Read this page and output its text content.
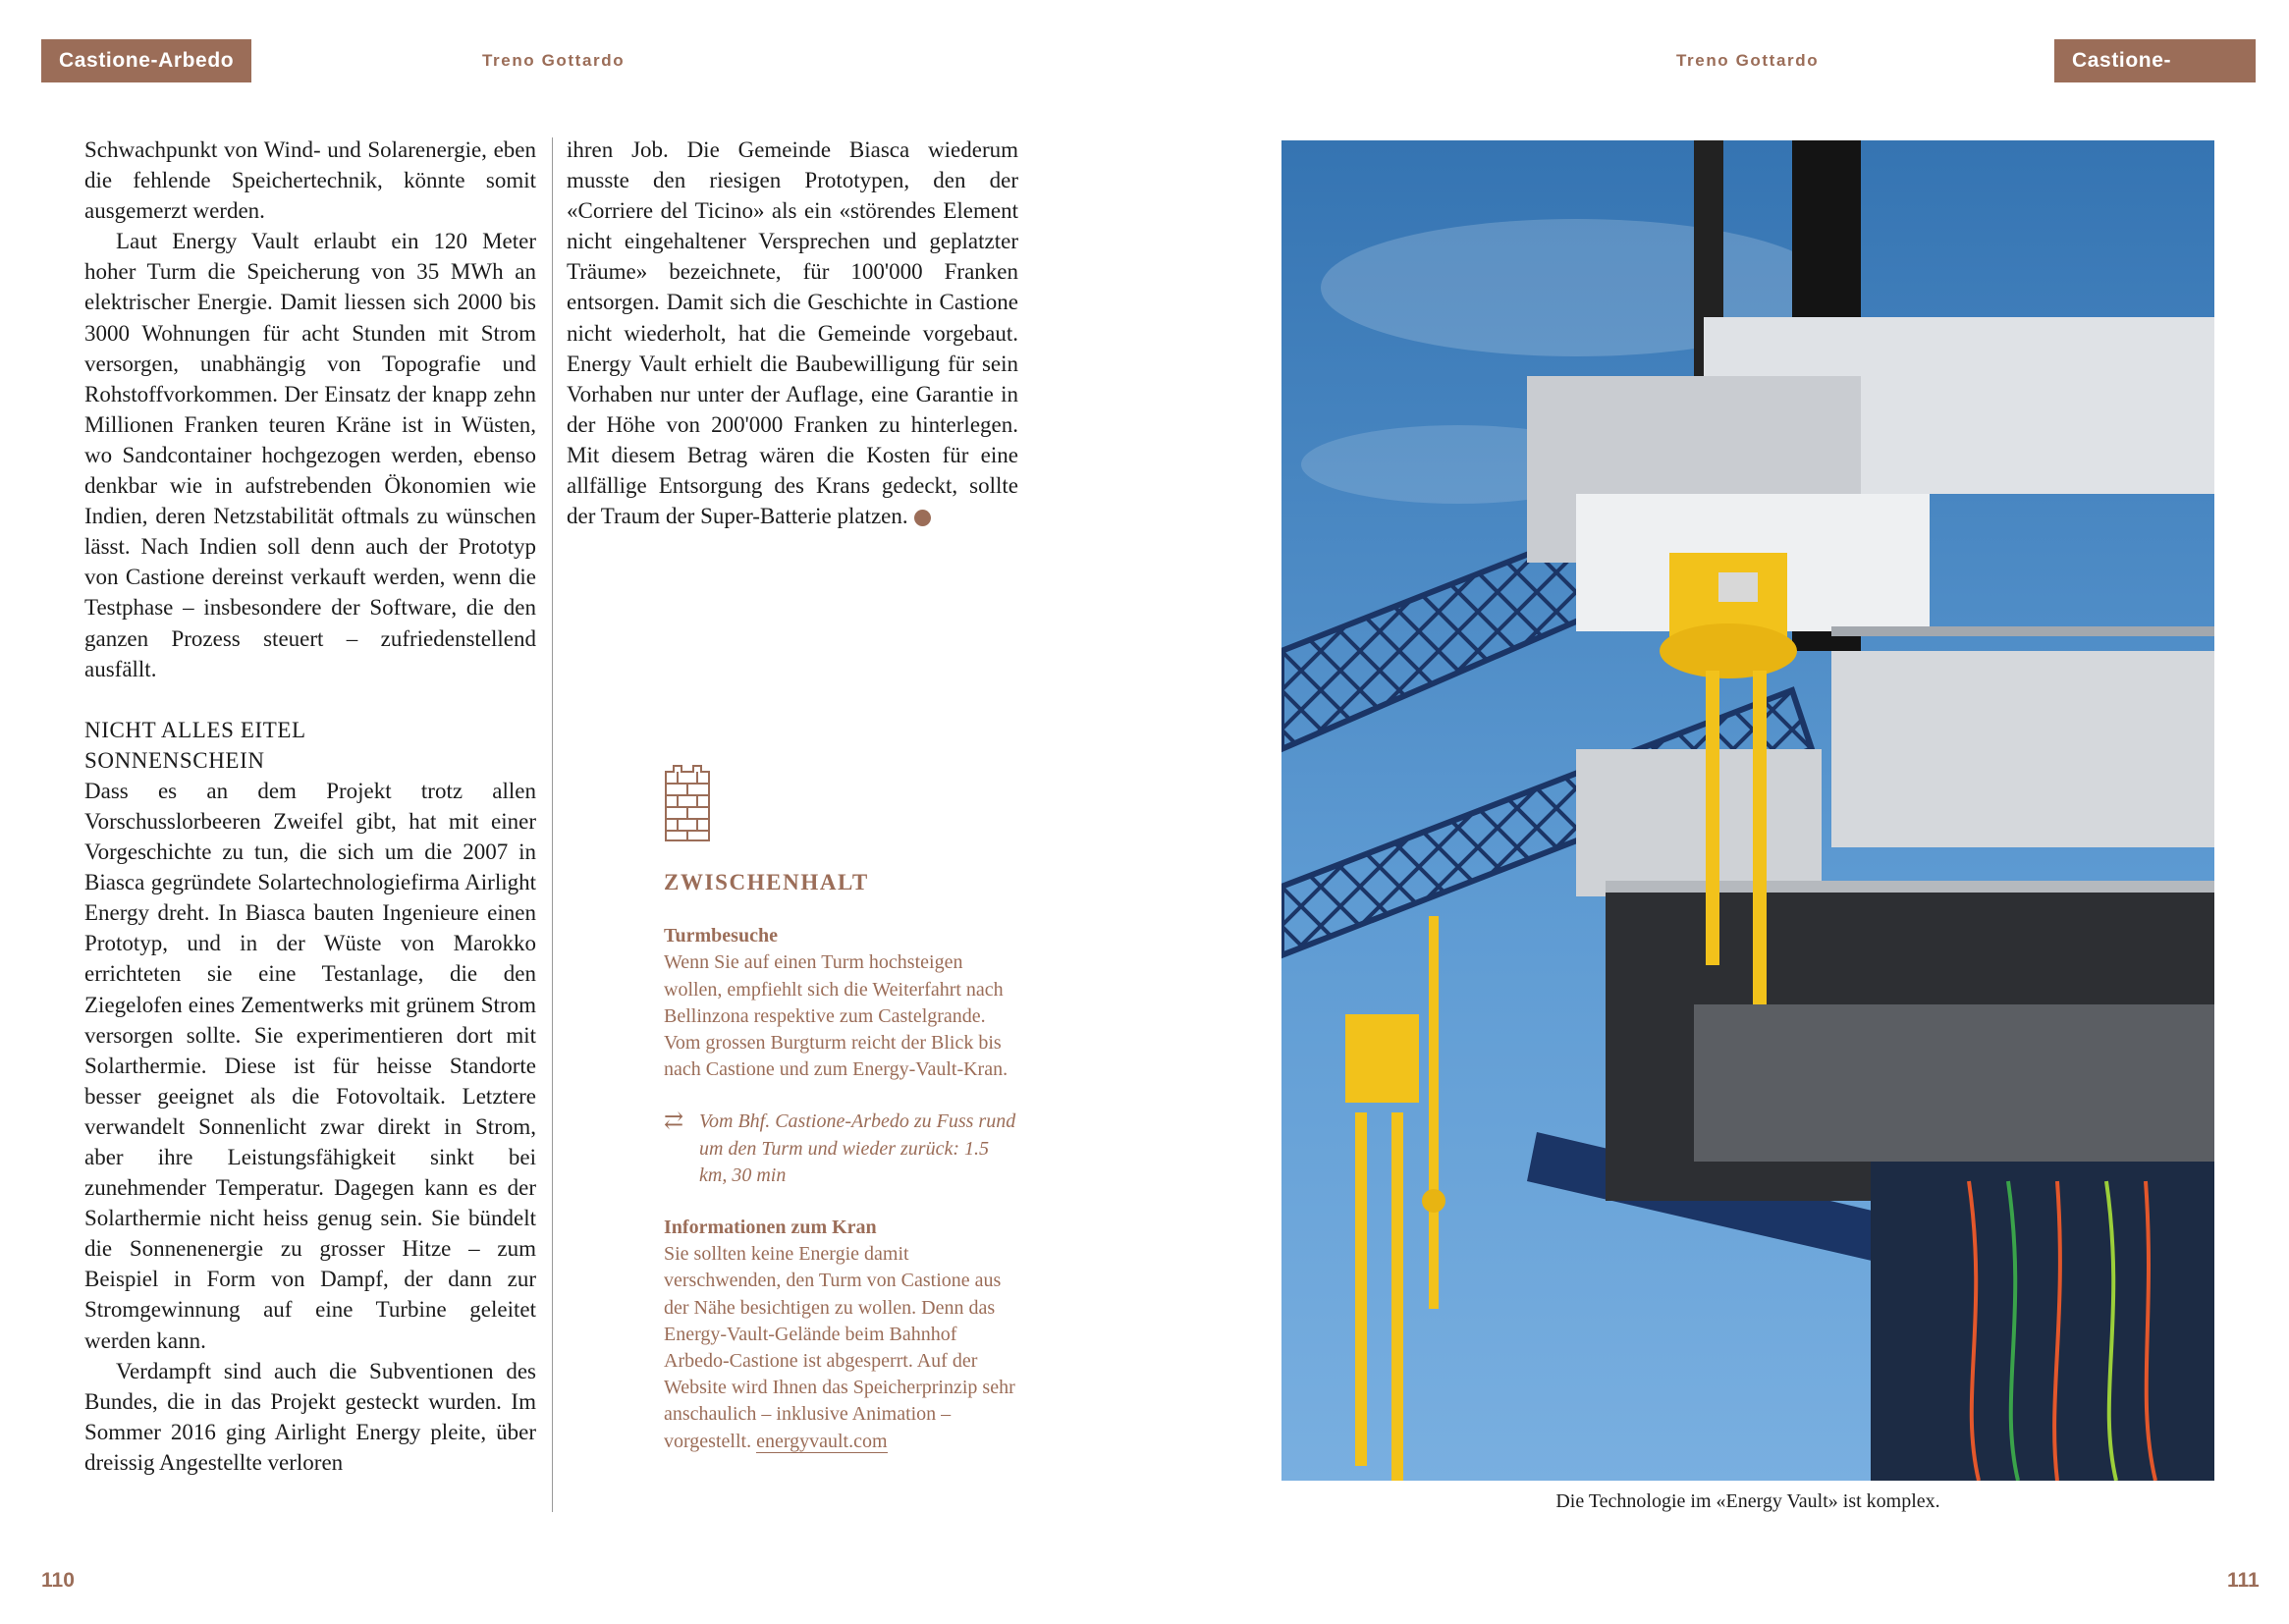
Castione-Arbedo	Treno Gottardo	Treno Gottardo	Castione-Arbedo

Schwachpunkt von Wind- und Solarenergie, eben die fehlende Speichertechnik, könnte somit ausgemerzt werden.

Laut Energy Vault erlaubt ein 120 Meter hoher Turm die Speicherung von 35 MWh an elektrischer Energie. Damit liessen sich 2000 bis 3000 Wohnungen für acht Stunden mit Strom versorgen, unabhängig von Topografie und Rohstoffvorkommen. Der Einsatz der knapp zehn Millionen Franken teuren Kräne ist in Wüsten, wo Sandcontainer hochgezogen werden, ebenso denkbar wie in aufstrebenden Ökonomien wie Indien, deren Netzstabilität oftmals zu wünschen lässt. Nach Indien soll denn auch der Prototyp von Castione dereinst verkauft werden, wenn die Testphase – insbesondere der Software, die den ganzen Prozess steuert – zufriedenstellend ausfällt.

NICHT ALLES EITEL
SONNENSCHEIN

Dass es an dem Projekt trotz allen Vorschusslorbeeren Zweifel gibt, hat mit einer Vorgeschichte zu tun, die sich um die 2007 in Biasca gegründete Solartechnologiefirma Airlight Energy dreht. In Biasca bauten Ingenieure einen Prototyp, und in der Wüste von Marokko errichteten sie eine Testanlage, die den Ziegelofen eines Zementwerks mit grünem Strom versorgen sollte. Sie experimentieren dort mit Solarthermie. Diese ist für heisse Standorte besser geeignet als die Fotovoltaik. Letztere verwandelt Sonnenlicht zwar direkt in Strom, aber ihre Leistungsfähigkeit sinkt bei zunehmender Temperatur. Dagegen kann es der Solarthermie nicht heiss genug sein. Sie bündelt die Sonnenenergie zu grosser Hitze – zum Beispiel in Form von Dampf, der dann zur Stromgewinnung auf eine Turbine geleitet werden kann.

Verdampft sind auch die Subventionen des Bundes, die in das Projekt gesteckt wurden. Im Sommer 2016 ging Airlight Energy pleite, über dreissig Angestellte verloren

ihren Job. Die Gemeinde Biasca wiederum musste den riesigen Prototypen, den der «Corriere del Ticino» als ein «störendes Element nicht eingehaltener Versprechen und geplatzter Träume» bezeichnete, für 100'000 Franken entsorgen. Damit sich die Geschichte in Castione nicht wiederholt, hat die Gemeinde vorgebaut. Energy Vault erhielt die Baubewilligung für sein Vorhaben nur unter der Auflage, eine Garantie in der Höhe von 200'000 Franken zu hinterlegen. Mit diesem Betrag wären die Kosten für eine allfällige Entsorgung des Krans gedeckt, sollte der Traum der Super-Batterie platzen.

ZWISCHENHALT
Turmbesuche

Wenn Sie auf einen Turm hochsteigen wollen, empfiehlt sich die Weiterfahrt nach Bellinzona respektive zum Castelgrande. Vom grossen Burgturm reicht der Blick bis nach Castione und zum Energy-Vault-Kran.

⇄ Vom Bhf. Castione-Arbedo zu Fuss rund um den Turm und wieder zurück: 1.5 km, 30 min
Informationen zum Kran

Sie sollten keine Energie damit verschwenden, den Turm von Castione aus der Nähe besichtigen zu wollen. Denn das Energy-Vault-Gelände beim Bahnhof Arbedo-Castione ist abgesperrt. Auf der Website wird Ihnen das Speicherprinzip sehr anschaulich – inklusive Animation – vorgestellt. energyvault.com

Die Technologie im «Energy Vault» ist komplex.
110	111
